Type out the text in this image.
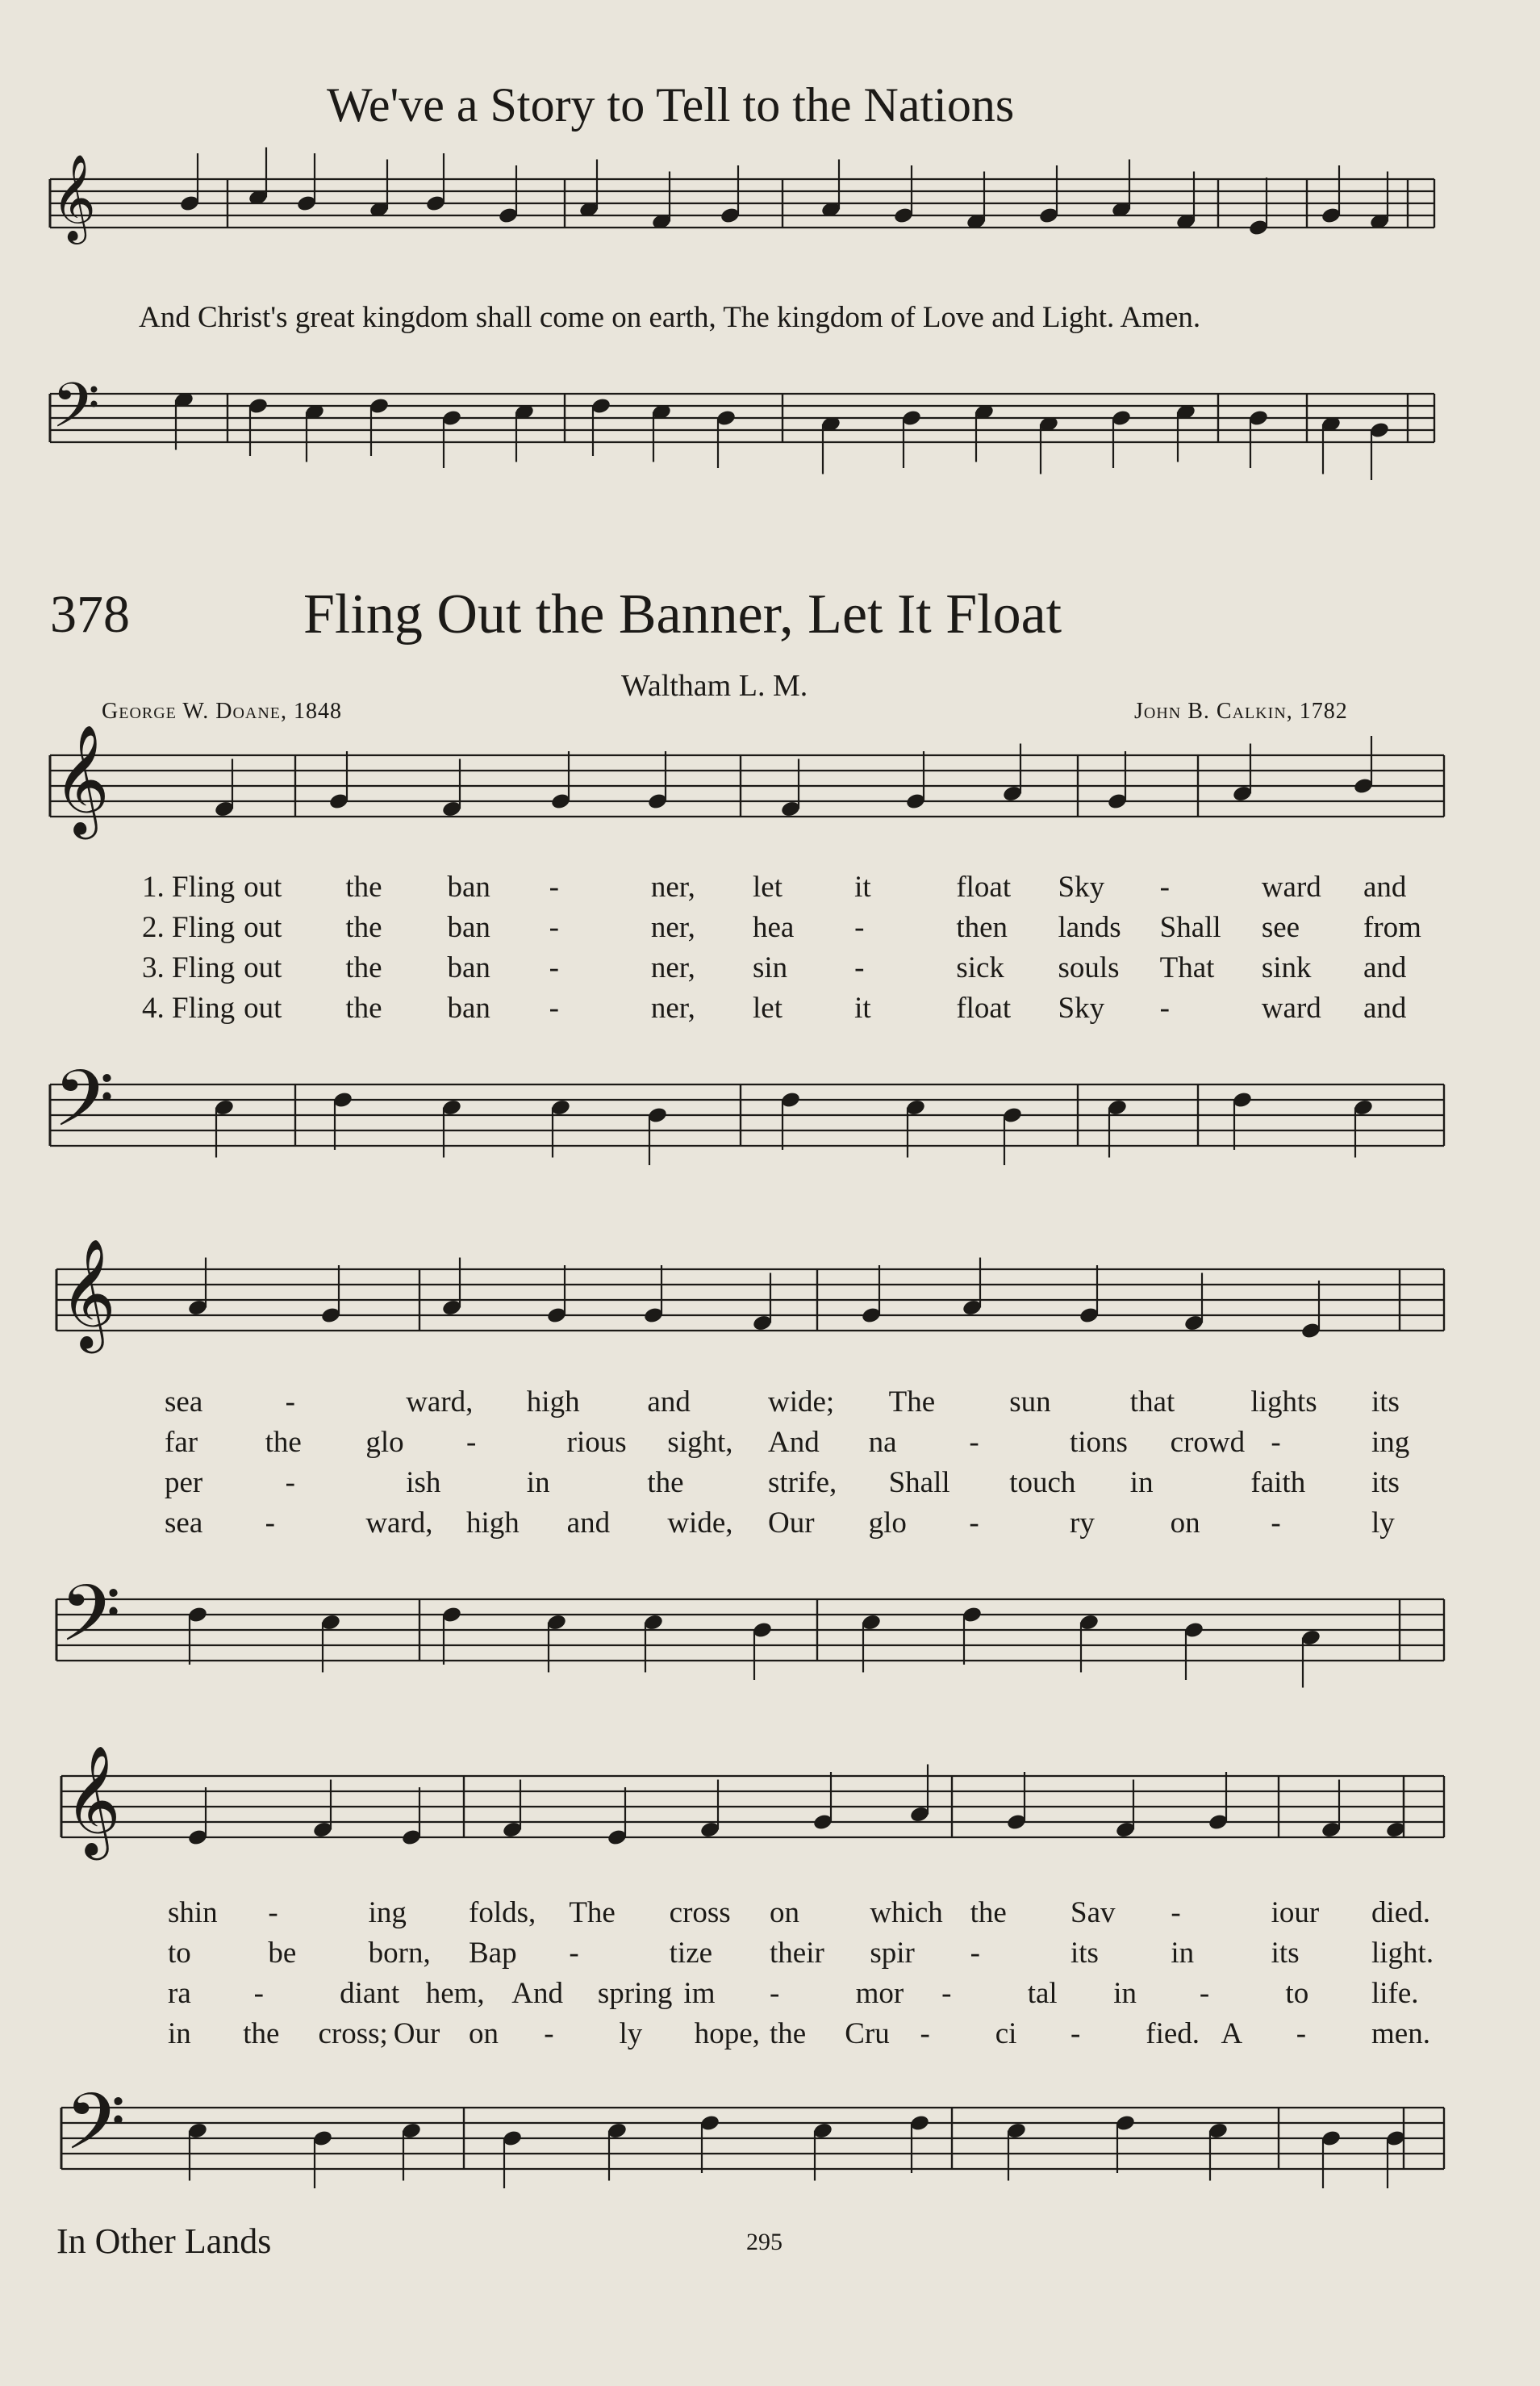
We've a Story to Tell to the Nations
𝄞
𝄢
𝄞
𝄢
𝄞
𝄢
𝄞
𝄢
And Christ's great kingdom shall come on earth, The kingdom of Love and Light. Amen.
378	Fling Out the Banner, Let It Float
Waltham L. M.
George W. Doane, 1848	John B. Calkin, 1782
1. Fling out the ban -	ner, let it	float Sky -	ward and
2. Fling out the ban -	ner, hea -	then lands Shall see from
3. Fling out the ban -	ner, sin -	sick souls That sink and
4. Fling out the ban -	ner, let it	float Sky -	ward and
sea	-	ward, high and	wide; The sun	that	lights its
far the glo -	rious sight, And na -	tions crowd -	ing
per	-	ish	in	the	strife, Shall touch in	faith its
sea -	ward, high and wide, Our glo -	ry	on -	ly
shin -	ing folds, The cross on which the Sav -	iour died.
to	be born, Bap -	tize their spir -	its in	its light.
ra -	diant hem, And spring im -	mor -	tal in -	to life.
in the cross; Our on - ly hope, the Cru - ci - fied. A - men.
In Other Lands	295
